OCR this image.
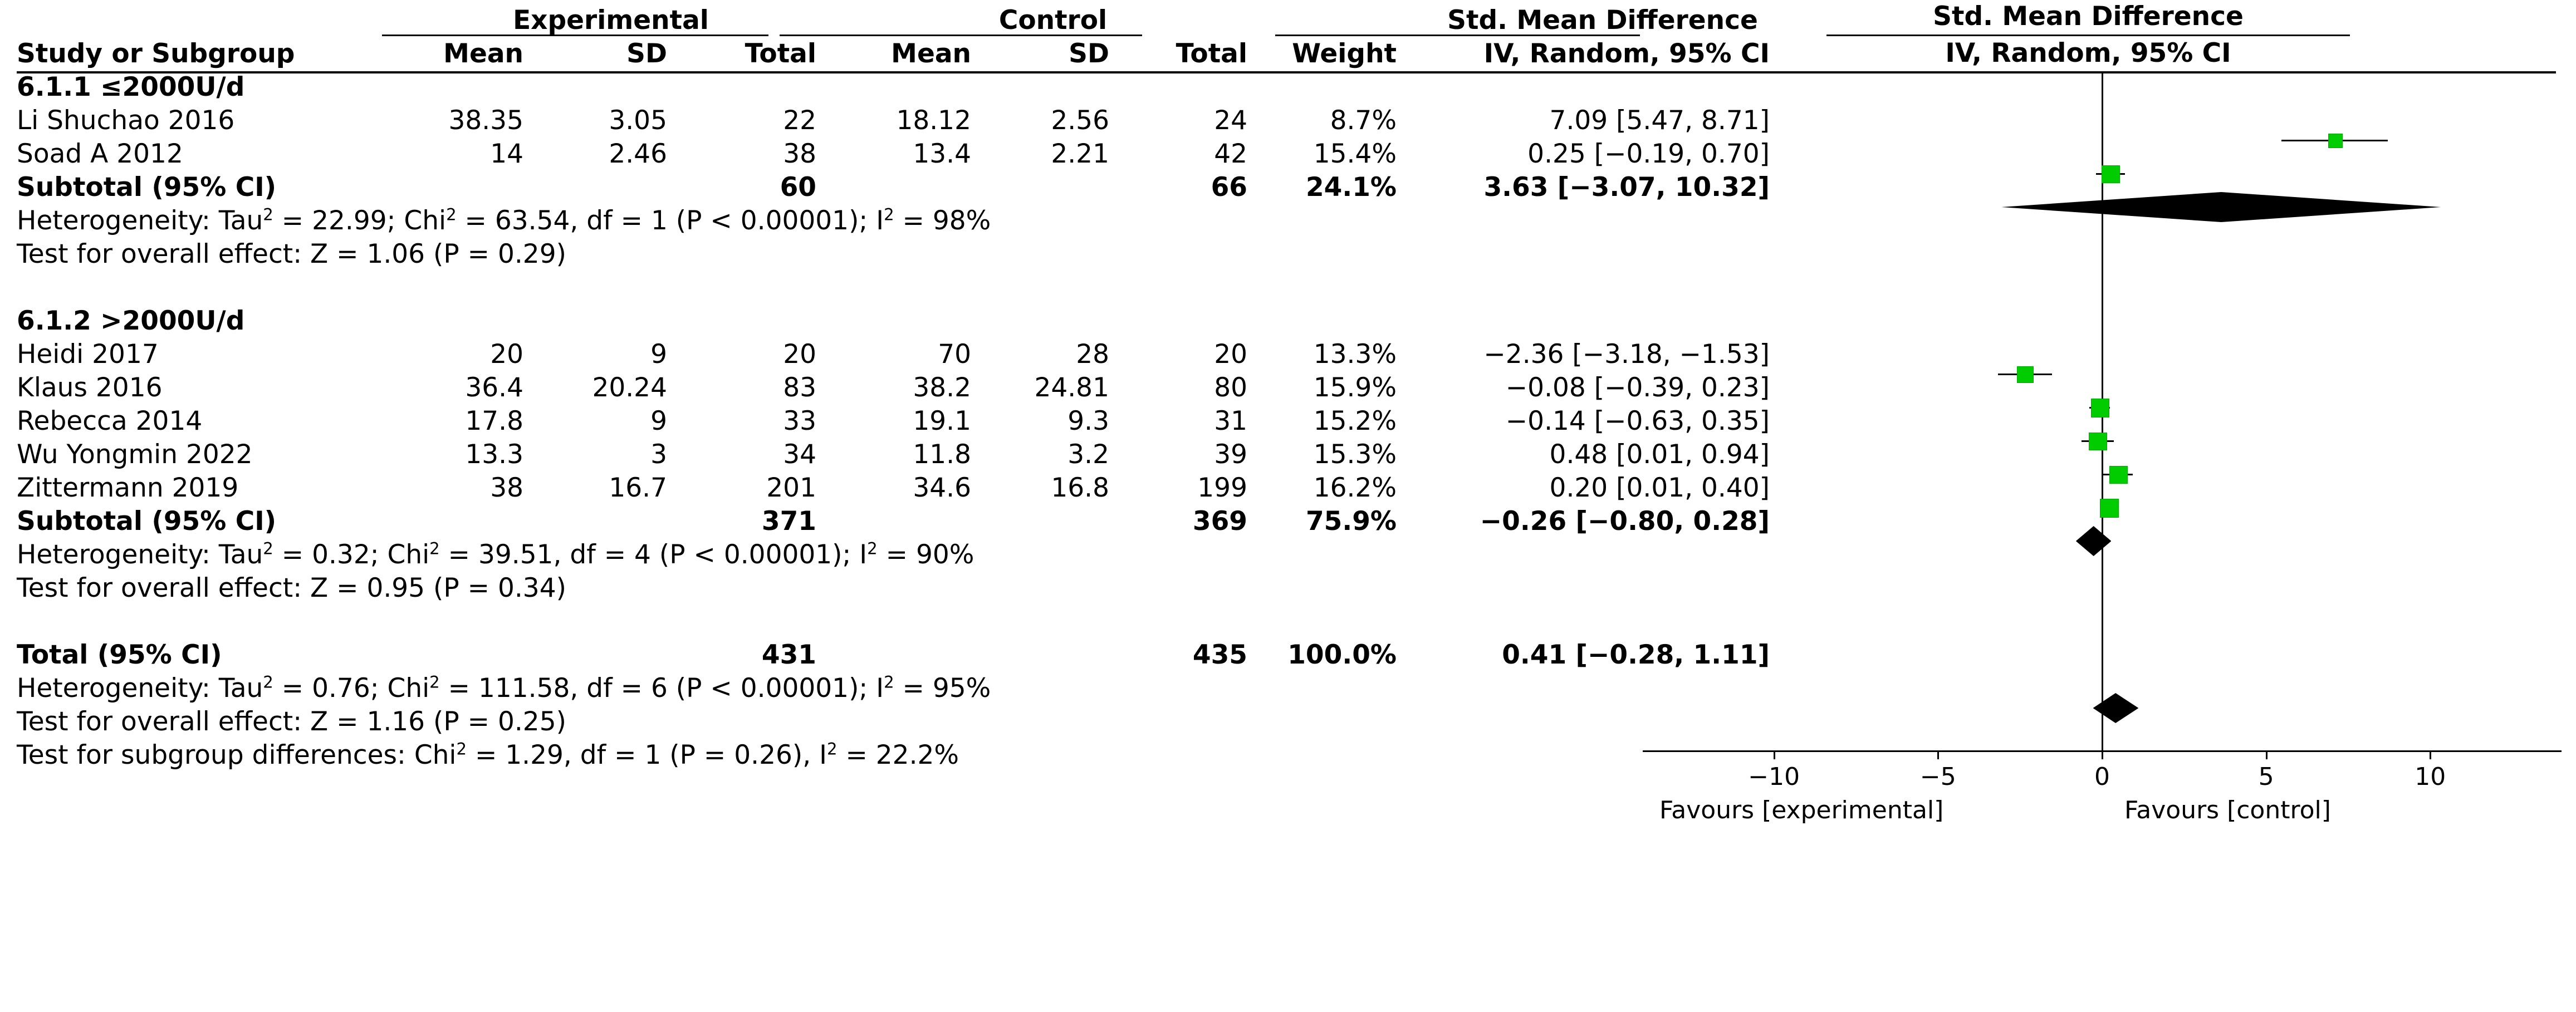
	Experimental			Control				Std. Mean Difference
Study or Subgroup	Mean	SD	Total	Mean	SD	Total	Weight	IV, Random, 95% CI
6.1.1 ≤2000U/d								
Li Shuchao 2016	38.35	3.05	22	18.12	2.56	24	8.7%	7.09 [5.47, 8.71]
Soad A 2012	14	2.46	38	13.4	2.21	42	15.4%	0.25 [−0.19, 0.70]
Subtotal (95% CI)			60			66	24.1%	3.63 [−3.07, 10.32]
Heterogeneity: Tau$^2$ = 22.99; Chi$^2$ = 63.54, df = 1 (P < 0.00001); $I^2 = 98\%$								
Test for overall effect: Z = 1.06 (P = 0.29)								

6.1.2 >2000U/d								
Heidi 2017	20	9	20	70	28	20	13.3%	−2.36 [−3.18, −1.53]
Klaus 2016	36.4	20.24	83	38.2	24.81	80	15.9%	−0.08 [−0.39, 0.23]
Rebecca 2014	17.8	9	33	19.1	9.3	31	15.2%	−0.14 [−0.63, 0.35]
Wu Yongmin 2022	13.3	3	34	11.8	3.2	39	15.3%	0.48 [0.01, 0.94]
Zittermann 2019	38	16.7	201	34.6	16.8	199	16.2%	0.20 [0.01, 0.40]
Subtotal (95% CI)			371			369	75.9%	−0.26 [−0.80, 0.28]
Heterogeneity: Tau$^2$ = 0.32; Chi$^2$ = 39.51, df = 4 (P < 0.00001); $I^2 = 90\%$								
Test for overall effect: Z = 0.95 (P = 0.34)								

Total (95% CI)			431			435	100.0%	0.41 [−0.28, 1.11]
Heterogeneity: Tau$^2$ = 0.76; Chi$^2$ = 111.58, df = 6 (P < 0.00001); $I^2 = 95\%$								
Test for overall effect: Z = 1.16 (P = 0.25)								
Test for subgroup differences: Chi$^2$ = 1.29, df = 1 (P = 0.26), $I^2 = 22.2\%$								
Std. Mean Difference
IV, Random, 95% CI
−10	−5	0	5	10
Favours [experimental]	Favours [control]
